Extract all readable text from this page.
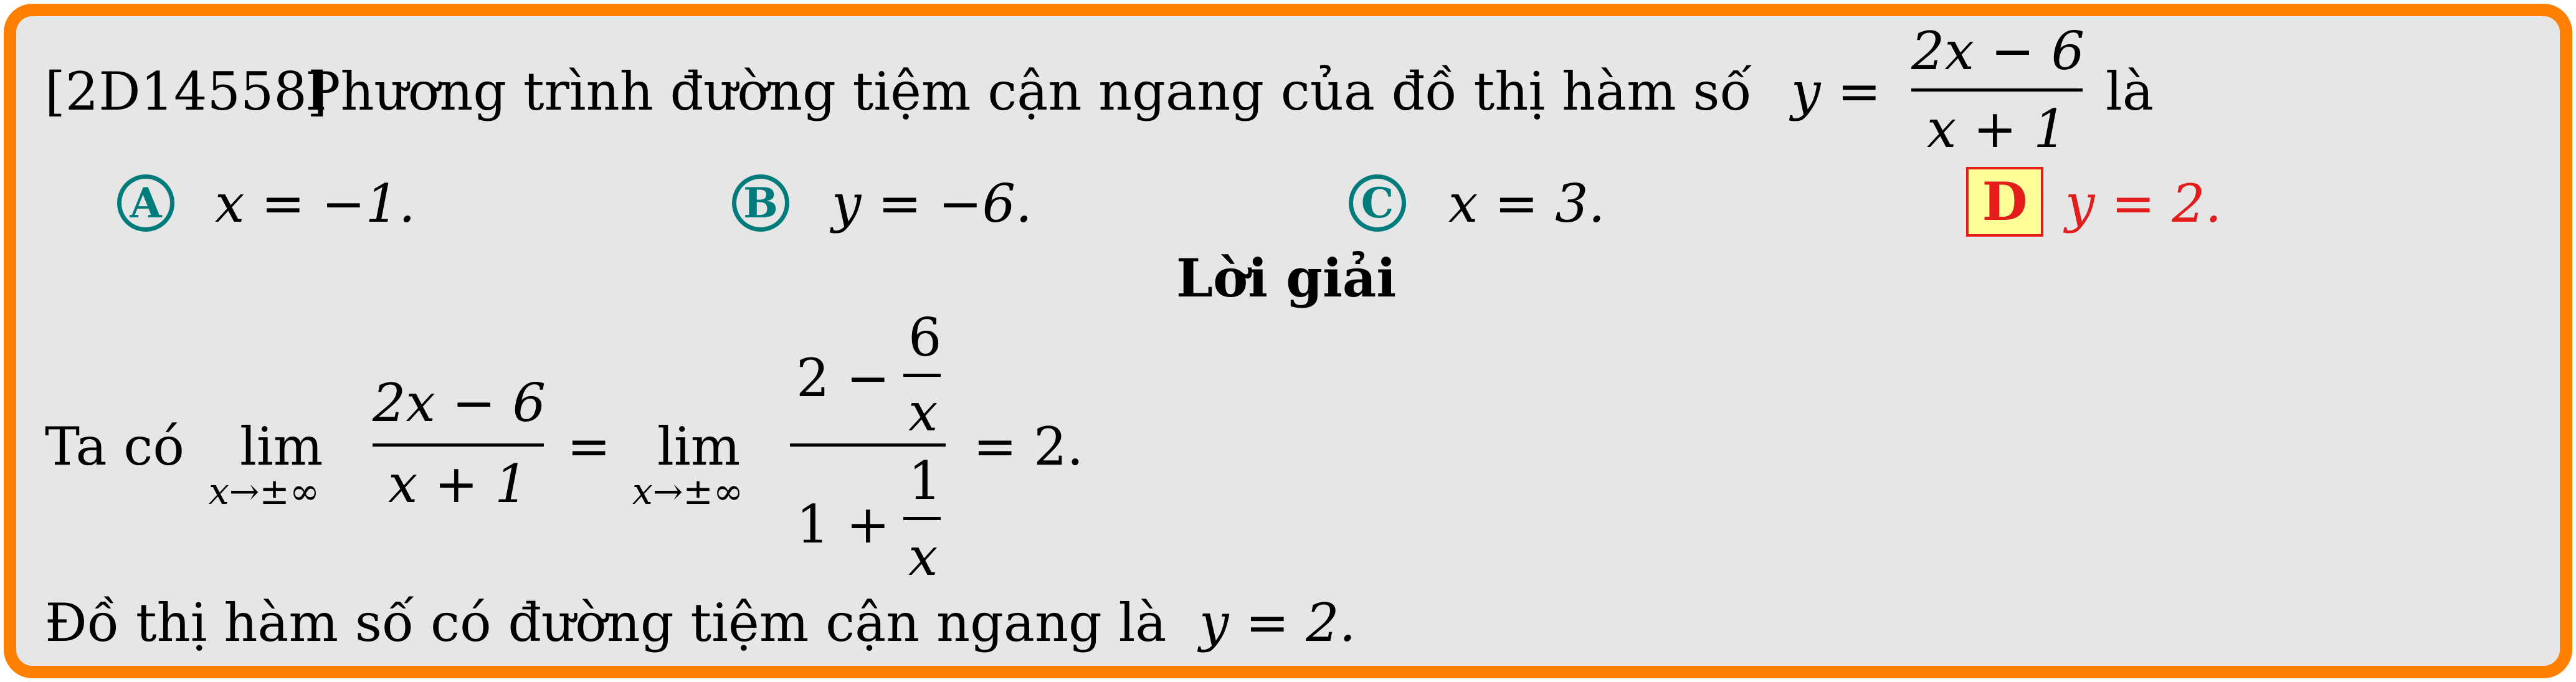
[2D14558]
Phương trình đường tiệm cận ngang của đồ thị hàm số y =
2x − 6
x + 1
là
A x = −1.	B y = −6.	C x = 3.	D y = 2.
Lời giải
Ta có lim
x→±∞
2x − 6
x + 1
= lim
x→±∞
2 −
6
x
1 +
1
x
= 2.
Đồ thị hàm số có đường tiệm cận ngang là y = 2.
